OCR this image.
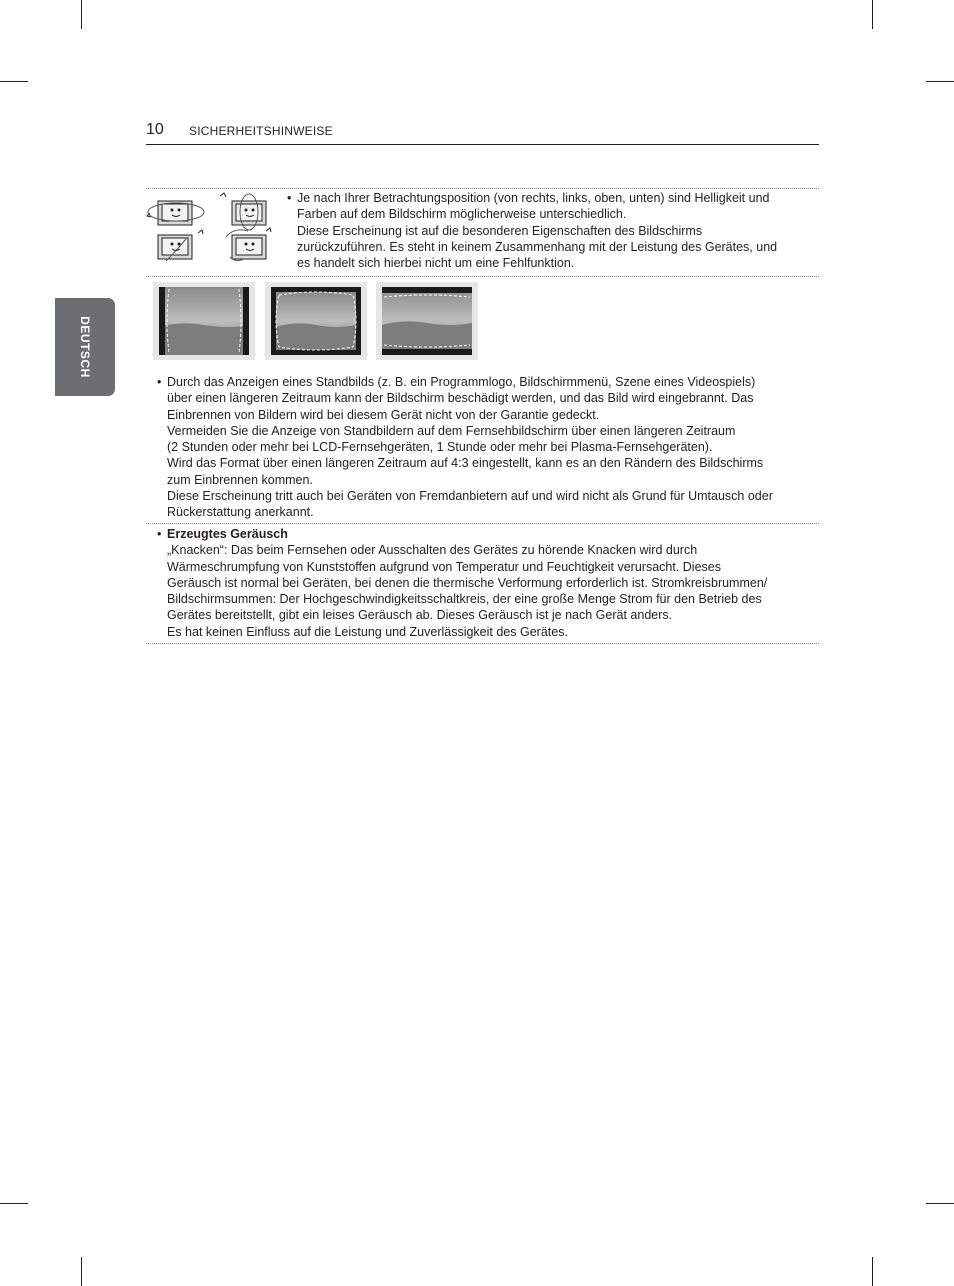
10 SICHERHEITSHINWEISE
DEUTSCH
• Je nach Ihrer Betrachtungsposition (von rechts, links, oben, unten) sind Helligkeit und

Farben auf dem Bildschirm möglicherweise unterschiedlich.

Diese Erscheinung ist auf die besonderen Eigenschaften des Bildschirms

zurückzuführen. Es steht in keinem Zusammenhang mit der Leistung des Gerätes, und

es handelt sich hierbei nicht um eine Fehlfunktion.

• Durch das Anzeigen eines Standbilds (z. B. ein Programmlogo, Bildschirmmenü, Szene eines Videospiels)

über einen längeren Zeitraum kann der Bildschirm beschädigt werden, und das Bild wird eingebrannt. Das

Einbrennen von Bildern wird bei diesem Gerät nicht von der Garantie gedeckt.

Vermeiden Sie die Anzeige von Standbildern auf dem Fernsehbildschirm über einen längeren Zeitraum

(2 Stunden oder mehr bei LCD-Fernsehgeräten, 1 Stunde oder mehr bei Plasma-Fernsehgeräten).

Wird das Format über einen längeren Zeitraum auf 4:3 eingestellt, kann es an den Rändern des Bildschirms

zum Einbrennen kommen.

Diese Erscheinung tritt auch bei Geräten von Fremdanbietern auf und wird nicht als Grund für Umtausch oder

Rückerstattung anerkannt.

• Erzeugtes Geräusch

„Knacken“: Das beim Fernsehen oder Ausschalten des Gerätes zu hörende Knacken wird durch

Wärmeschrumpfung von Kunststoffen aufgrund von Temperatur und Feuchtigkeit verursacht. Dieses

Geräusch ist normal bei Geräten, bei denen die thermische Verformung erforderlich ist. Stromkreisbrummen/

Bildschirmsummen: Der Hochgeschwindigkeitsschaltkreis, der eine große Menge Strom für den Betrieb des

Gerätes bereitstellt, gibt ein leises Geräusch ab. Dieses Geräusch ist je nach Gerät anders.

Es hat keinen Einfluss auf die Leistung und Zuverlässigkeit des Gerätes.
